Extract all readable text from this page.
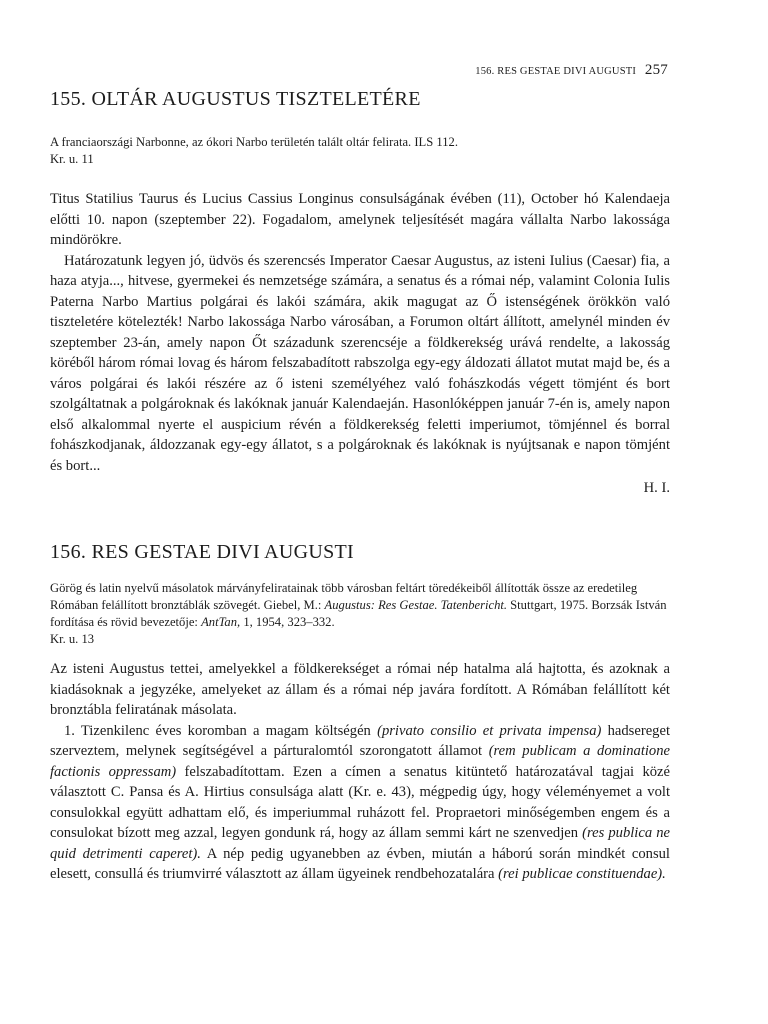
156. RES GESTAE DIVI AUGUSTI 257
155. OLTÁR AUGUSTUS TISZTELETÉRE
A franciaországi Narbonne, az ókori Narbo területén talált oltár felirata. ILS 112.
Kr. u. 11

Titus Statilius Taurus és Lucius Cassius Longinus consulságának évében (11), October hó Kalendaeja előtti 10. napon (szeptember 22). Fogadalom, amelynek teljesítését magára vállalta Narbo lakossága mindörökre.

Határozatunk legyen jó, üdvös és szerencsés Imperator Caesar Augustus, az isteni Iulius (Caesar) fia, a haza atyja..., hitvese, gyermekei és nemzetsége számára, a senatus és a római nép, valamint Colonia Iulis Paterna Narbo Martius polgárai és lakói számára, akik magugat az Ő istenségének örökkön való tiszteletére kötelezték! Narbo lakossága Narbo városában, a Forumon oltárt állított, amelynél minden év szeptember 23-án, amely napon Őt századunk szerencséje a földkerekség urává rendelte, a lakosság köréből három római lovag és három felszabadított rabszolga egy-egy áldozati állatot mutat majd be, és a város polgárai és lakói részére az ő isteni személyéhez való fohászkodás végett tömjént és bort szolgáltatnak a polgároknak és lakóknak január Kalendaeján. Hasonlóképpen január 7-én is, amely napon első alkalommal nyerte el auspicium révén a földkerekség feletti imperiumot, tömjénnel és borral fohászkodjanak, áldozzanak egy-egy állatot, s a polgároknak és lakóknak is nyújtsanak e napon tömjént és bort...

H. I.
156. RES GESTAE DIVI AUGUSTI
Görög és latin nyelvű másolatok márványfeliratainak több városban feltárt töredékeiből állították össze az eredetileg Rómában felállított bronztáblák szövegét. Giebel, M.: Augustus: Res Gestae. Tatenbericht. Stuttgart, 1975. Borzsák István fordítása és rövid bevezetője: AntTan, 1, 1954, 323–332.
Kr. u. 13

Az isteni Augustus tettei, amelyekkel a földkerekséget a római nép hatalma alá hajtotta, és azoknak a kiadásoknak a jegyzéke, amelyeket az állam és a római nép javára fordított. A Rómában felállított két bronztábla feliratának másolata.

1. Tizenkilenc éves koromban a magam költségén (privato consilio et privata impensa) hadsereget szerveztem, melynek segítségével a párturalomtól szorongatott államot (rem publicam a dominatione factionis oppressam) felszabadítottam. Ezen a címen a senatus kitüntető határozatával tagjai közé választott C. Pansa és A. Hirtius consulsága alatt (Kr. e. 43), mégpedig úgy, hogy véleményemet a volt consulokkal együtt adhattam elő, és imperiummal ruházott fel. Propraetori minőségemben engem és a consulokat bízott meg azzal, legyen gondunk rá, hogy az állam semmi kárt ne szenvedjen (res publica ne quid detrimenti caperet). A nép pedig ugyanebben az évben, miután a háború során mindkét consul elesett, consullá és triumvirré választott az állam ügyeinek rendbehozatalára (rei publicae constituendae).
